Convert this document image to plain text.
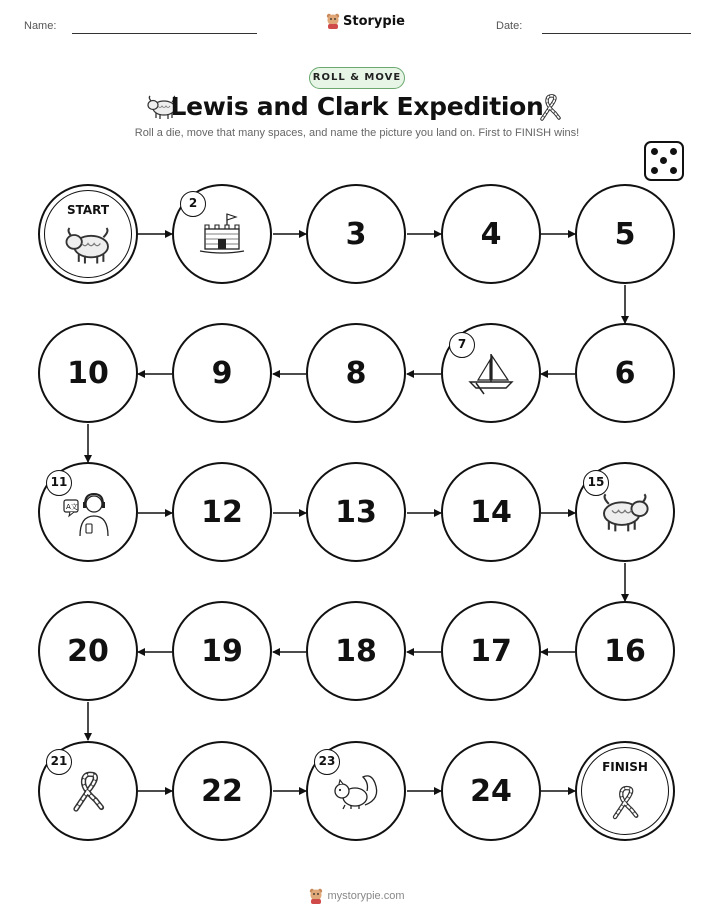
Name:	Storypie	Date:
ROLL & MOVE
Lewis and Clark Expedition
Roll a die, move that many spaces, and name the picture you land on. First to FINISH wins!
START	2
3	4	5
6
7
8
9
10
11
A文	12	13	14
15
16
17
18
19
20
21
22
23
24
FINISH
mystorypie.com
